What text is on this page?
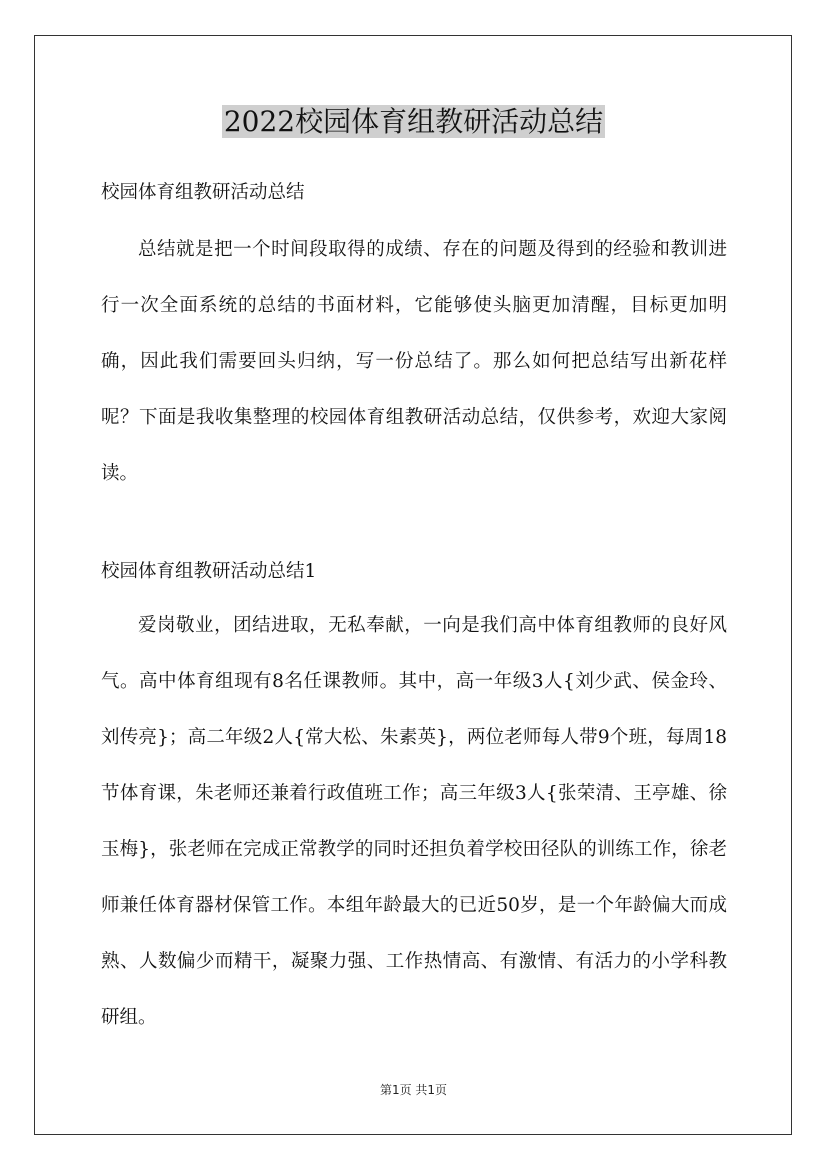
2022校园体育组教研活动总结

校园体育组教研活动总结

总结就是把一个时间段取得的成绩、存在的问题及得到的经验和教训进行一次全面系统的总结的书面材料，它能够使头脑更加清醒，目标更加明确，因此我们需要回头归纳，写一份总结了。那么如何把总结写出新花样呢？下面是我收集整理的校园体育组教研活动总结，仅供参考，欢迎大家阅读。

校园体育组教研活动总结1

爱岗敬业，团结进取，无私奉献，一向是我们高中体育组教师的良好风气。高中体育组现有8名任课教师。其中，高一年级3人{刘少武、侯金玲、刘传亮}；高二年级2人{常大松、朱素英}，两位老师每人带9个班，每周18节体育课，朱老师还兼着行政值班工作；高三年级3人{张荣清、王亭雄、徐玉梅}，张老师在完成正常教学的同时还担负着学校田径队的训练工作，徐老师兼任体育器材保管工作。本组年龄最大的已近50岁，是一个年龄偏大而成熟、人数偏少而精干，凝聚力强、工作热情高、有激情、有活力的小学科教研组。

第1页 共1页
